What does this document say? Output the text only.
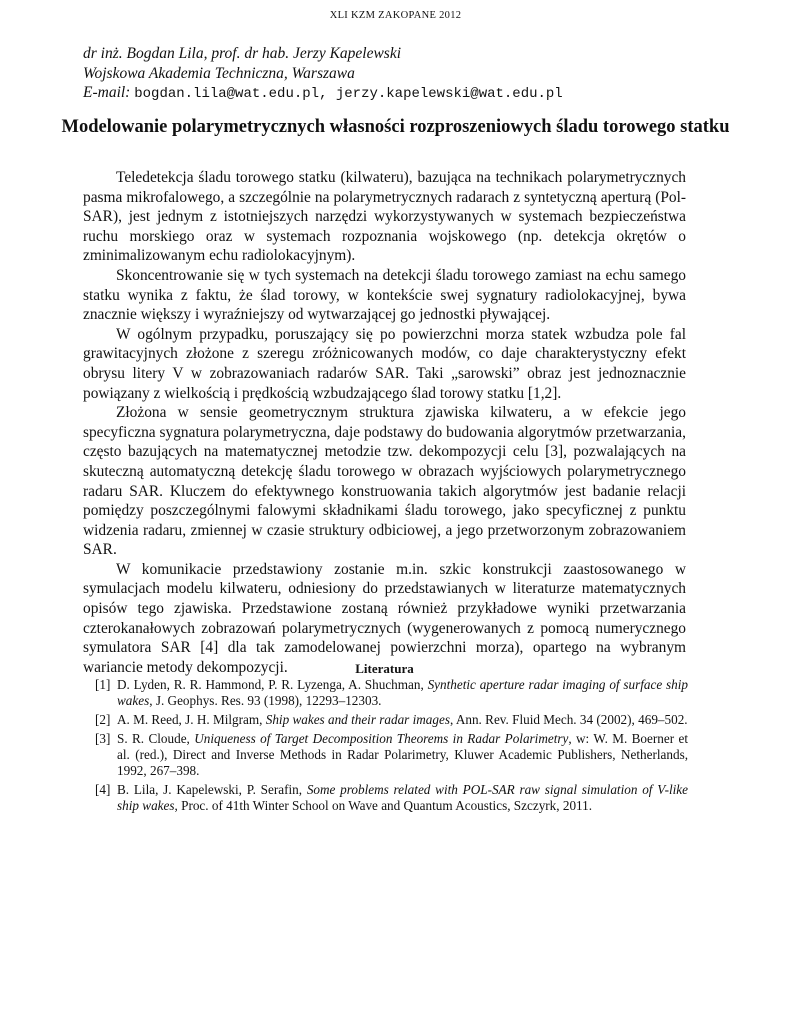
XLI KZM ZAKOPANE 2012
dr inż. Bogdan Lila, prof. dr hab. Jerzy Kapelewski
Wojskowa Akademia Techniczna, Warszawa
E-mail: bogdan.lila@wat.edu.pl, jerzy.kapelewski@wat.edu.pl
Modelowanie polarymetrycznych własności rozproszeniowych śladu torowego statku

Teledetekcja śladu torowego statku (kilwateru), bazująca na technikach polarymetrycznych pasma mikrofalowego, a szczególnie na polarymetrycznych radarach z syntetyczną aperturą (Pol-SAR), jest jednym z istotniejszych narzędzi wykorzystywanych w systemach bezpieczeństwa ruchu morskiego oraz w systemach rozpoznania wojskowego (np. detekcja okrętów o zminimalizowanym echu radiolokacyjnym).

Skoncentrowanie się w tych systemach na detekcji śladu torowego zamiast na echu samego statku wynika z faktu, że ślad torowy, w kontekście swej sygnatury radiolokacyjnej, bywa znacznie większy i wyraźniejszy od wytwarzającej go jednostki pływającej.

W ogólnym przypadku, poruszający się po powierzchni morza statek wzbudza pole fal grawitacyjnych złożone z szeregu zróżnicowanych modów, co daje charakterystyczny efekt obrysu litery V w zobrazowaniach radarów SAR. Taki „sarowski” obraz jest jednoznacznie powiązany z wielkością i prędkością wzbudzającego ślad torowy statku [1,2].

Złożona w sensie geometrycznym struktura zjawiska kilwateru, a w efekcie jego specyficzna sygnatura polarymetryczna, daje podstawy do budowania algorytmów przetwarzania, często bazujących na matematycznej metodzie tzw. dekompozycji celu [3], pozwalających na skuteczną automatyczną detekcję śladu torowego w obrazach wyjściowych polarymetrycznego radaru SAR. Kluczem do efektywnego konstruowania takich algorytmów jest badanie relacji pomiędzy poszczególnymi falowymi składnikami śladu torowego, jako specyficznej z punktu widzenia radaru, zmiennej w czasie struktury odbiciowej, a jego przetworzonym zobrazowaniem SAR.

W komunikacie przedstawiony zostanie m.in. szkic konstrukcji zaastosowanego w symulacjach modelu kilwateru, odniesiony do przedstawianych w literaturze matematycznych opisów tego zjawiska. Przedstawione zostaną również przykładowe wyniki przetwarzania czterokanałowych zobrazowań polarymetrycznych (wygenerowanych z pomocą numerycznego symulatora SAR [4] dla tak zamodelowanej powierzchni morza), opartego na wybranym wariancie metody dekompozycji.	Literatura
[1] D. Lyden, R. R. Hammond, P. R. Lyzenga, A. Shuchman, Synthetic aperture radar imaging of surface ship wakes, J. Geophys. Res. 93 (1998), 12293–12303.
[2] A. M. Reed, J. H. Milgram, Ship wakes and their radar images, Ann. Rev. Fluid Mech. 34 (2002), 469–502.
[3] S. R. Cloude, Uniqueness of Target Decomposition Theorems in Radar Polarimetry, w: W. M. Boerner et al. (red.), Direct and Inverse Methods in Radar Polarimetry, Kluwer Academic Publishers, Netherlands, 1992, 267–398.
[4] B. Lila, J. Kapelewski, P. Serafin, Some problems related with POL-SAR raw signal simulation of V-like ship wakes, Proc. of 41th Winter School on Wave and Quantum Acoustics, Szczyrk, 2011.
